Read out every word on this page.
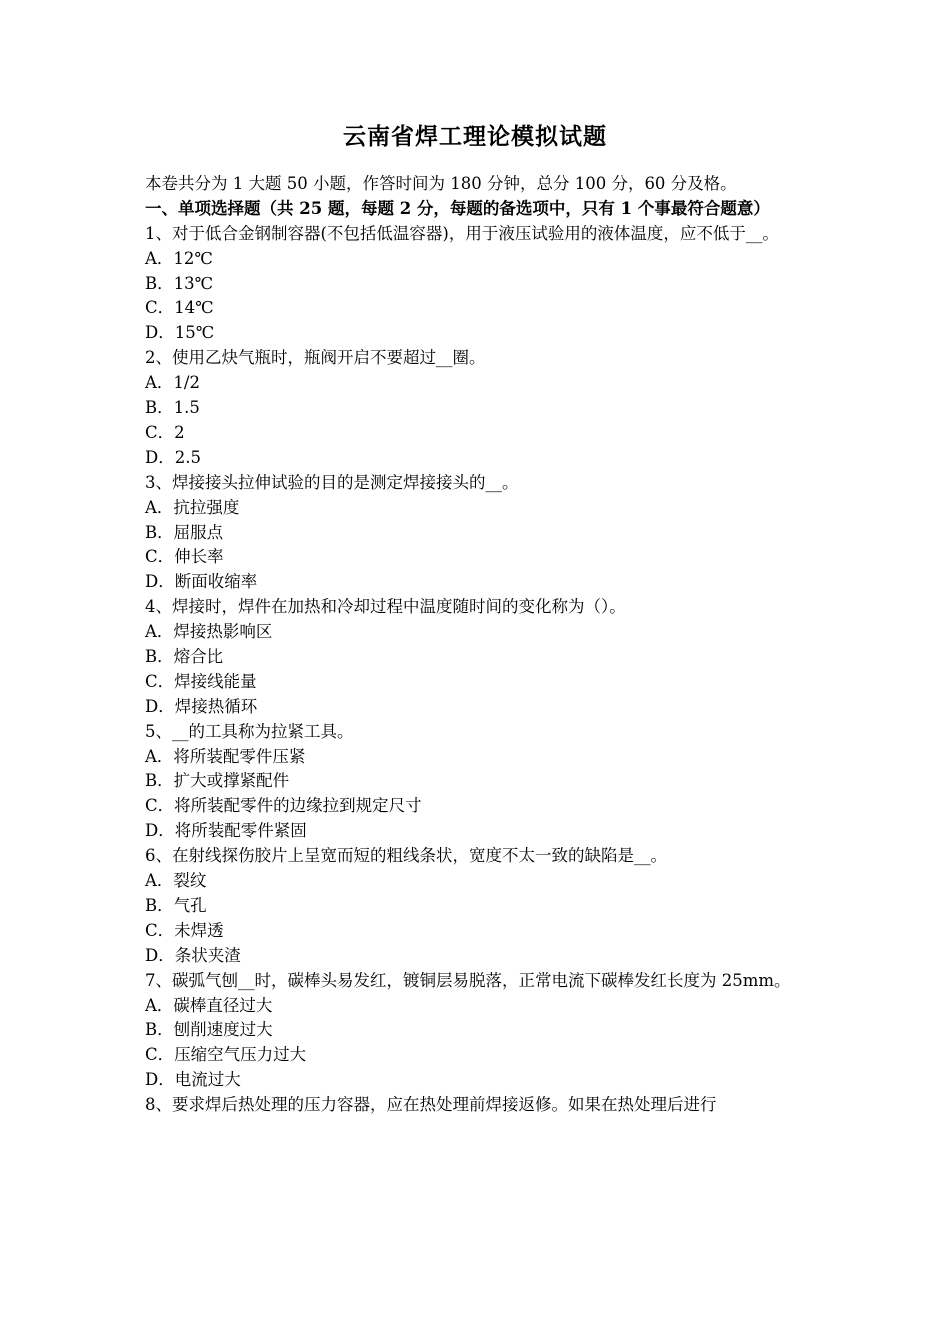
云南省焊工理论模拟试题
本卷共分为 1 大题 50 小题，作答时间为 180 分钟，总分 100 分，60 分及格。
一、单项选择题（共 25 题，每题 2 分，每题的备选项中，只有 1 个事最符合题意）
1、对于低合金钢制容器(不包括低温容器)，用于液压试验用的液体温度，应不低于__。
A．12℃
B．13℃
C．14℃
D．15℃
2、使用乙炔气瓶时，瓶阀开启不要超过__圈。
A．1/2
B．1.5
C．2
D．2.5
3、焊接接头拉伸试验的目的是测定焊接接头的__。
A．抗拉强度
B．屈服点
C．伸长率
D．断面收缩率
4、焊接时，焊件在加热和冷却过程中温度随时间的变化称为（）。
A．焊接热影响区
B．熔合比
C．焊接线能量
D．焊接热循环
5、__的工具称为拉紧工具。
A．将所装配零件压紧
B．扩大或撑紧配件
C．将所装配零件的边缘拉到规定尺寸
D．将所装配零件紧固
6、在射线探伤胶片上呈宽而短的粗线条状，宽度不太一致的缺陷是__。
A．裂纹
B．气孔
C．未焊透
D．条状夹渣
7、碳弧气刨__时，碳棒头易发红，镀铜层易脱落，正常电流下碳棒发红长度为 25mm。
A．碳棒直径过大
B．刨削速度过大
C．压缩空气压力过大
D．电流过大
8、要求焊后热处理的压力容器，应在热处理前焊接返修。如果在热处理后进行
